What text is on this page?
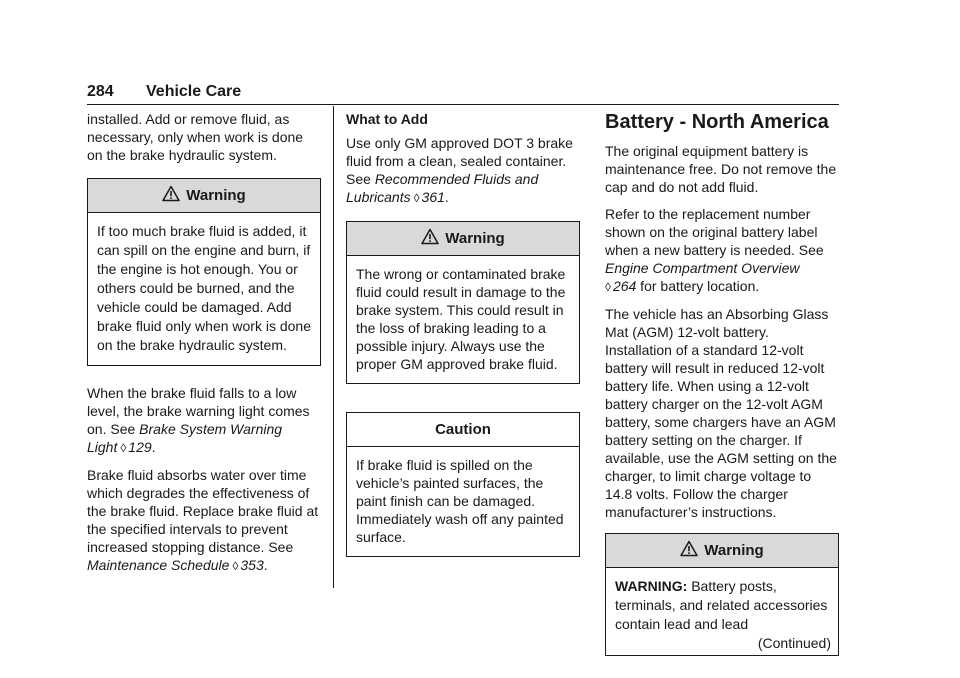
284 Vehicle Care

installed. Add or remove fluid, as necessary, only when work is done on the brake hydraulic system.

Warning
If too much brake fluid is added, it can spill on the engine and burn, if the engine is hot enough. You or others could be burned, and the vehicle could be damaged. Add brake fluid only when work is done on the brake hydraulic system.

When the brake fluid falls to a low level, the brake warning light comes on. See Brake System Warning Light ◊ 129.

Brake fluid absorbs water over time which degrades the effectiveness of the brake fluid. Replace brake fluid at the specified intervals to prevent increased stopping distance. See Maintenance Schedule ◊ 353.

What to Add

Use only GM approved DOT 3 brake fluid from a clean, sealed container. See Recommended Fluids and Lubricants ◊ 361.

Warning
The wrong or contaminated brake fluid could result in damage to the brake system. This could result in the loss of braking leading to a possible injury. Always use the proper GM approved brake fluid.
Caution
If brake fluid is spilled on the vehicle’s painted surfaces, the paint finish can be damaged. Immediately wash off any painted surface.
Battery - North America

The original equipment battery is maintenance free. Do not remove the cap and do not add fluid.

Refer to the replacement number shown on the original battery label when a new battery is needed. See Engine Compartment Overview
◊ 264 for battery location.

The vehicle has an Absorbing Glass Mat (AGM) 12-volt battery. Installation of a standard 12-volt battery will result in reduced 12-volt battery life. When using a 12-volt battery charger on the 12-volt AGM battery, some chargers have an AGM battery setting on the charger. If available, use the AGM setting on the charger, to limit charge voltage to 14.8 volts. Follow the charger manufacturer’s instructions.

Warning
WARNING: Battery posts, terminals, and related accessories contain lead and lead
(Continued)
